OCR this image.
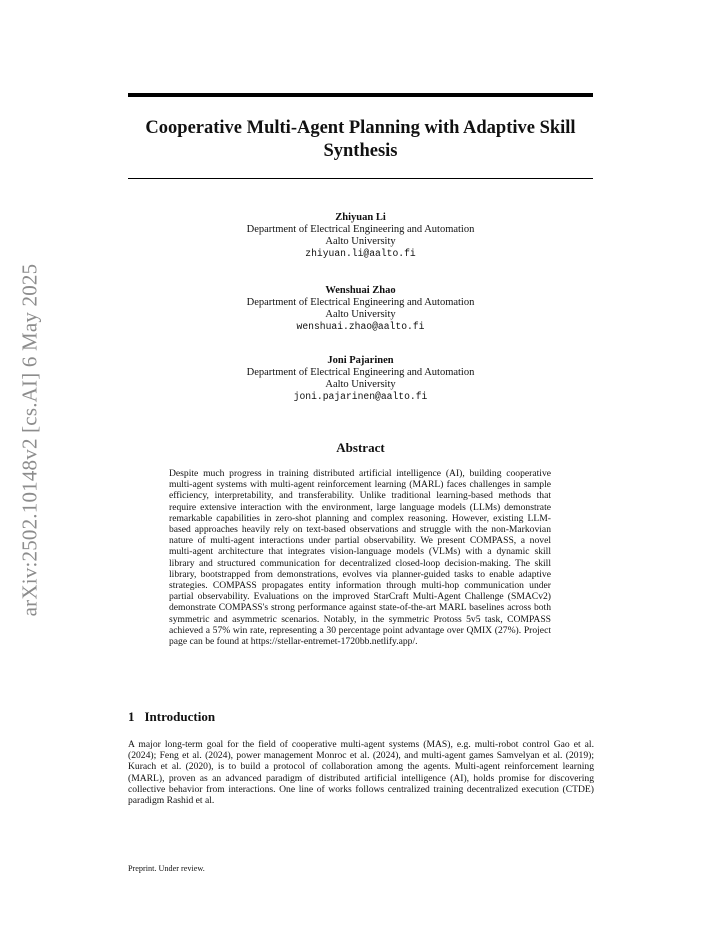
arXiv:2502.10148v2 [cs.AI] 6 May 2025
Cooperative Multi-Agent Planning with Adaptive Skill Synthesis
Zhiyuan Li
Department of Electrical Engineering and Automation
Aalto University
zhiyuan.li@aalto.fi
Wenshuai Zhao
Department of Electrical Engineering and Automation
Aalto University
wenshuai.zhao@aalto.fi
Joni Pajarinen
Department of Electrical Engineering and Automation
Aalto University
joni.pajarinen@aalto.fi
Abstract
Despite much progress in training distributed artificial intelligence (AI), building cooperative multi-agent systems with multi-agent reinforcement learning (MARL) faces challenges in sample efficiency, interpretability, and transferability. Unlike traditional learning-based methods that require extensive interaction with the environment, large language models (LLMs) demonstrate remarkable capabilities in zero-shot planning and complex reasoning. However, existing LLM-based approaches heavily rely on text-based observations and struggle with the non-Markovian nature of multi-agent interactions under partial observability. We present COMPASS, a novel multi-agent architecture that integrates vision-language models (VLMs) with a dynamic skill library and structured communication for decentralized closed-loop decision-making. The skill library, bootstrapped from demonstrations, evolves via planner-guided tasks to enable adaptive strategies. COMPASS propagates entity information through multi-hop communication under partial observability. Evaluations on the improved StarCraft Multi-Agent Challenge (SMACv2) demonstrate COMPASS's strong performance against state-of-the-art MARL baselines across both symmetric and asymmetric scenarios. Notably, in the symmetric Protoss 5v5 task, COMPASS achieved a 57% win rate, representing a 30 percentage point advantage over QMIX (27%). Project page can be found at https://stellar-entremet-1720bb.netlify.app/.
1 Introduction
A major long-term goal for the field of cooperative multi-agent systems (MAS), e.g. multi-robot control Gao et al. (2024); Feng et al. (2024), power management Monroc et al. (2024), and multi-agent games Samvelyan et al. (2019); Kurach et al. (2020), is to build a protocol of collaboration among the agents. Multi-agent reinforcement learning (MARL), proven as an advanced paradigm of distributed artificial intelligence (AI), holds promise for discovering collective behavior from interactions. One line of works follows centralized training decentralized execution (CTDE) paradigm Rashid et al.
Preprint. Under review.
